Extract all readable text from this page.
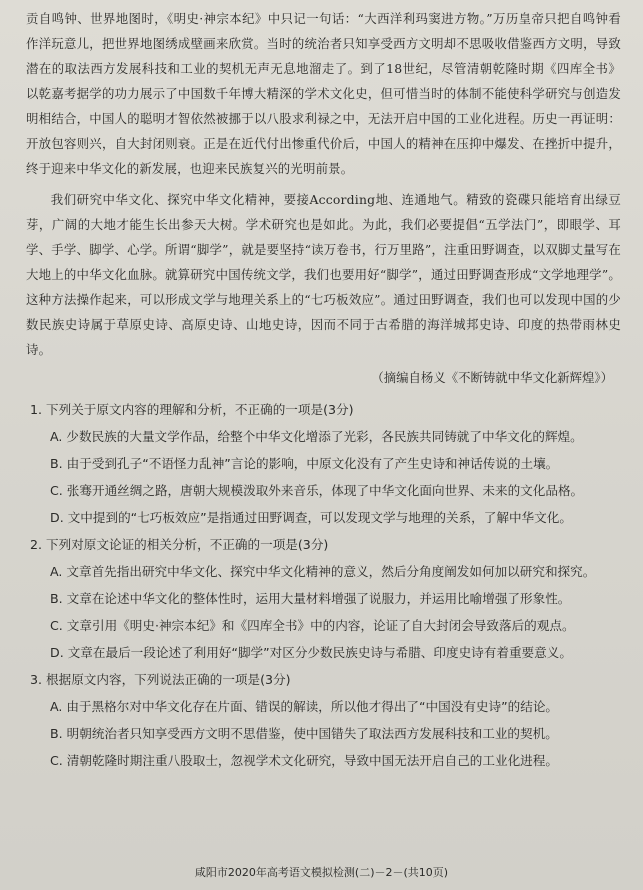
贡自鸣钟、世界地图时，《明史·神宗本纪》中只记一句话：“大西洋利玛窦进方物。”万历皇帝只把自鸣钟看作洋玩意儿，把世界地图绣成壁画来欣赏。当时的统治者只知享受西方文明却不思吸收借鉴西方文明，导致潜在的取法西方发展科技和工业的契机无声无息地溜走了。到了18世纪，尽管清朝乾隆时期《四库全书》以乾嘉考据学的功力展示了中国数千年博大精深的学术文化史，但可惜当时的体制不能使科学研究与创造发明相结合，中国人的聪明才智依然被挪于以八股求利禄之中，无法开启中国的工业化进程。历史一再证明：开放包容则兴，自大封闭则衰。正是在近代付出惨重代价后，中国人的精神在压抑中爆发、在挫折中提升，终于迎来中华文化的新发展，也迎来民族复兴的光明前景。

我们研究中华文化、探究中华文化精神，要接According地、连通地气。精致的瓷碟只能培育出绿豆芽，广阔的大地才能生长出参天大树。学术研究也是如此。为此，我们必要提倡“五学法门”，即眼学、耳学、手学、脚学、心学。所谓“脚学”，就是要坚持“读万卷书，行万里路”，注重田野调查，以双脚丈量写在大地上的中华文化血脉。就算研究中国传统文学，我们也要用好“脚学”，通过田野调查形成“文学地理学”。这种方法操作起来，可以形成文学与地理关系上的“七巧板效应”。通过田野调查，我们也可以发现中国的少数民族史诗属于草原史诗、高原史诗、山地史诗，因而不同于古希腊的海洋城邦史诗、印度的热带雨林史诗。

（摘编自杨义《不断铸就中华文化新辉煌》）

1. 下列关于原文内容的理解和分析，不正确的一项是(3分)

A. 少数民族的大量文学作品，给整个中华文化增添了光彩，各民族共同铸就了中华文化的辉煌。

B. 由于受到孔子“不语怪力乱神”言论的影响，中原文化没有了产生史诗和神话传说的土壤。

C. 张骞开通丝绸之路，唐朝大规模泼取外来音乐，体现了中华文化面向世界、未来的文化品格。

D. 文中提到的“七巧板效应”是指通过田野调查，可以发现文学与地理的关系，了解中华文化。

2. 下列对原文论证的相关分析，不正确的一项是(3分)

A. 文章首先指出研究中华文化、探究中华文化精神的意义，然后分角度阐发如何加以研究和探究。

B. 文章在论述中华文化的整体性时，运用大量材料增强了说服力，并运用比喻增强了形象性。

C. 文章引用《明史·神宗本纪》和《四库全书》中的内容，论证了自大封闭会导致落后的观点。

D. 文章在最后一段论述了利用好“脚学”对区分少数民族史诗与希腊、印度史诗有着重要意义。

3. 根据原文内容，下列说法正确的一项是(3分)

A. 由于黑格尔对中华文化存在片面、错误的解读，所以他才得出了“中国没有史诗”的结论。

B. 明朝统治者只知享受西方文明不思借鉴，使中国错失了取法西方发展科技和工业的契机。

C. 清朝乾隆时期注重八股取士，忽视学术文化研究，导致中国无法开启自己的工业化进程。

咸阳市2020年高考语文模拟检测(二)－2－(共10页)
